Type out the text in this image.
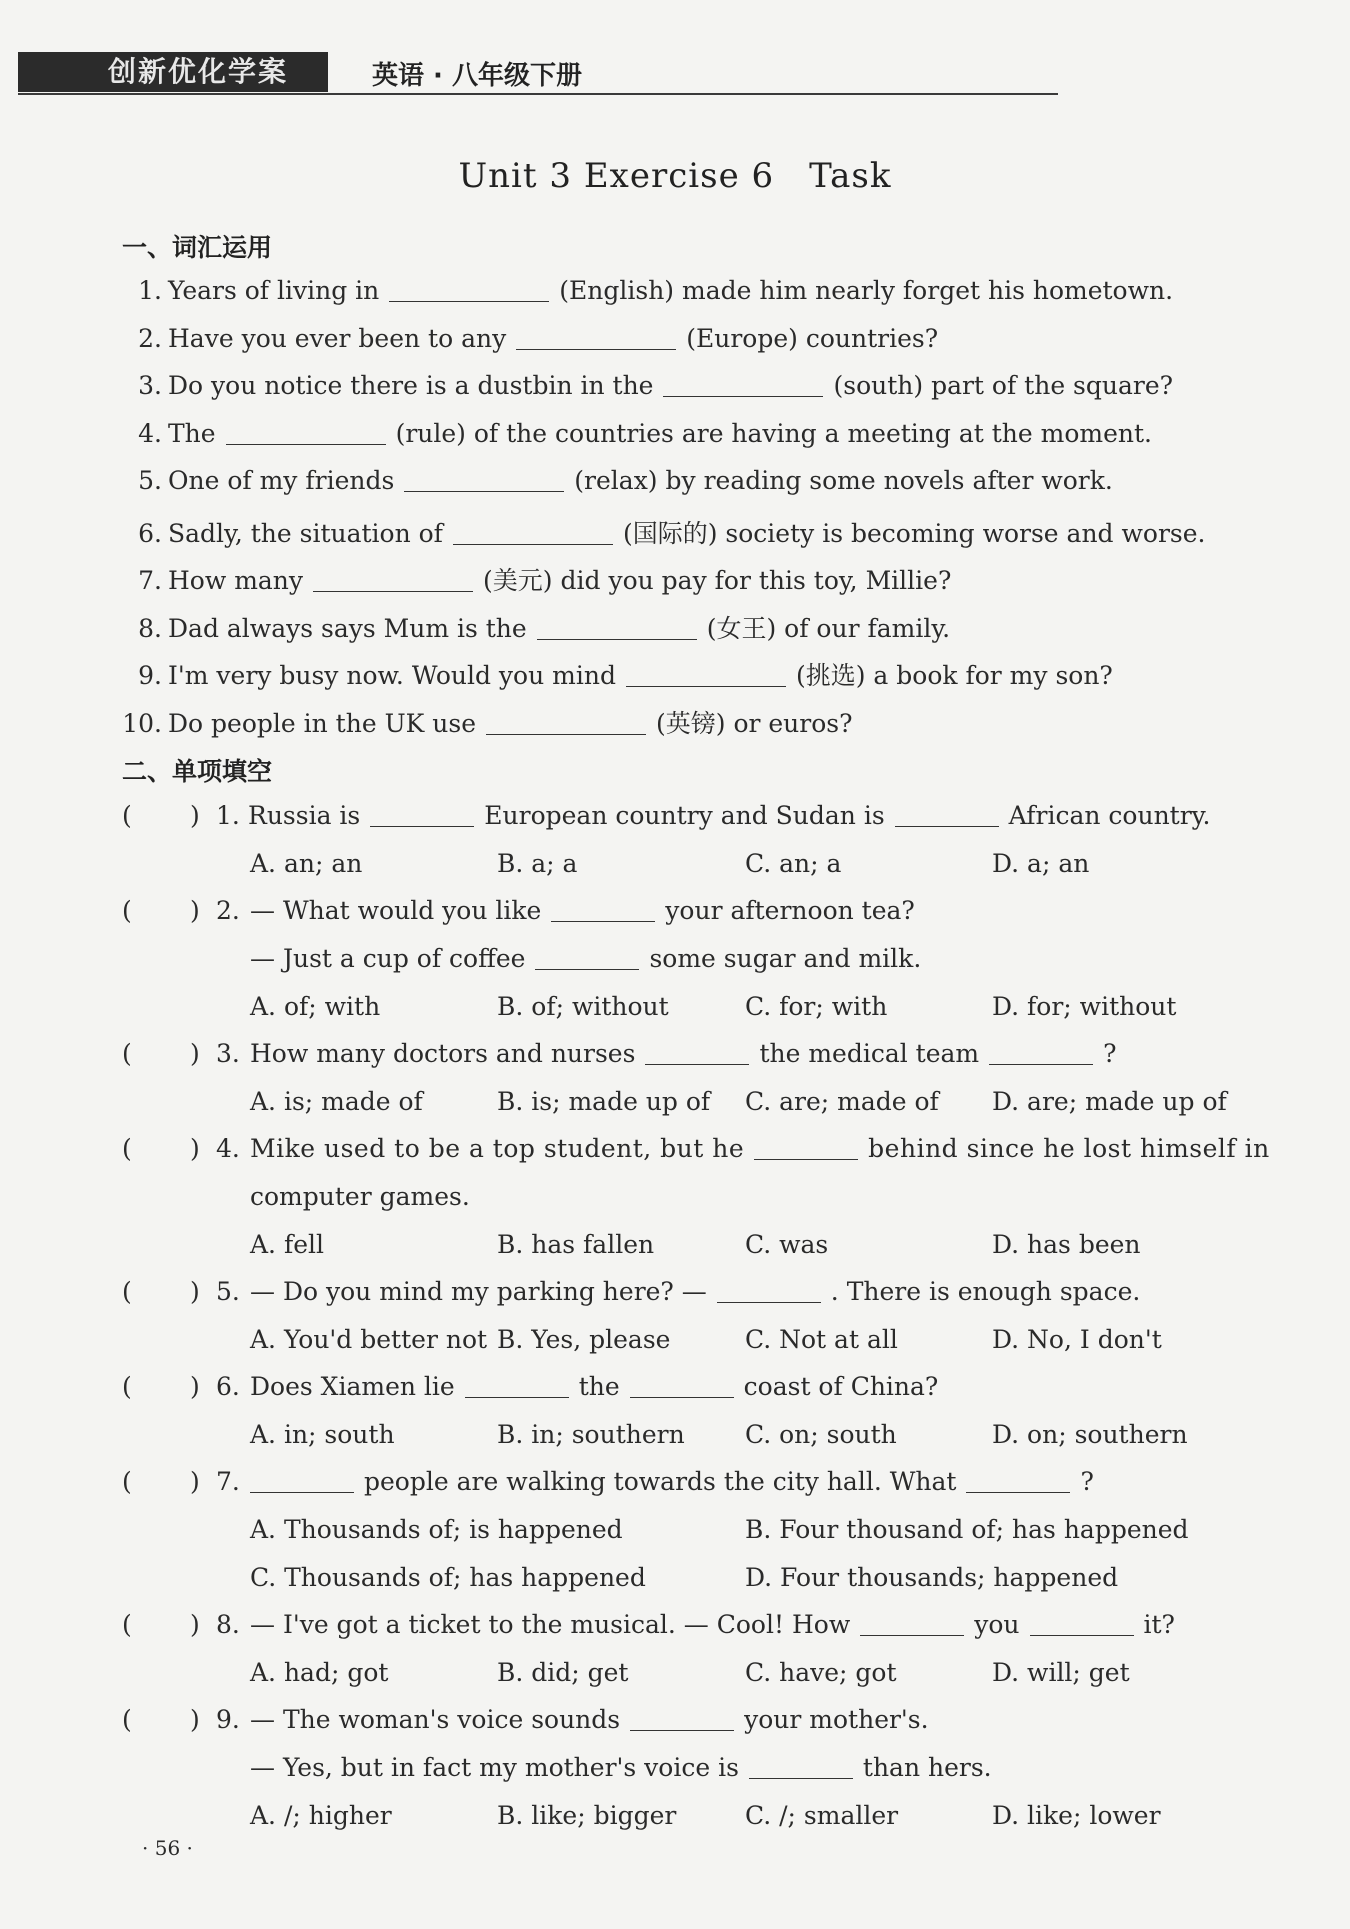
创新优化学案	英语 · 八年级下册
Unit 3 Exercise 6　Task
一、词汇运用
1. Years of living in	(English) made him nearly forget his hometown.
2. Have you ever been to any	(Europe) countries?
3. Do you notice there is a dustbin in the	(south) part of the square?
4. The	(rule) of the countries are having a meeting at the moment.
5. One of my friends	(relax) by reading some novels after work.
6. Sadly, the situation of	(国际的) society is becoming worse and worse.
7. How many	(美元) did you pay for this toy, Millie?
8. Dad always says Mum is the	(女王) of our family.
9. I'm very busy now. Would you mind	(挑选) a book for my son?
10. Do people in the UK use	(英镑) or euros?
二、单项填空
( ) 1. Russia is	European country and Sudan is	African country.
A. an; an	B. a; a	C. an; a	D. a; an
( ) 2. — What would you like	your afternoon tea?
— Just a cup of coffee	some sugar and milk.
A. of; with	B. of; without	C. for; with	D. for; without
( ) 3. How many doctors and nurses	the medical team	?
A. is; made of	B. is; made up of C. are; made of D. are; made up of
( ) 4. Mike used to be a top student, but he	behind since he lost himself in
computer games.
A. fell	B. has fallen	C. was	D. has been
( ) 5. — Do you mind my parking here? —	. There is enough space.
A. You'd better not B. Yes, please	C. Not at all	D. No, I don't
( ) 6. Does Xiamen lie	the	coast of China?
A. in; south	B. in; southern C. on; south	D. on; southern
( ) 7.	people are walking towards the city hall. What	?
A. Thousands of; is happened	B. Four thousand of; has happened
C. Thousands of; has happened	D. Four thousands; happened
( ) 8. — I've got a ticket to the musical. — Cool! How	you	it?
A. had; got	B. did; get	C. have; got	D. will; get
( ) 9. — The woman's voice sounds	your mother's.
— Yes, but in fact my mother's voice is	than hers.
A. /; higher	B. like; bigger	C. /; smaller	D. like; lower
· 56 ·
